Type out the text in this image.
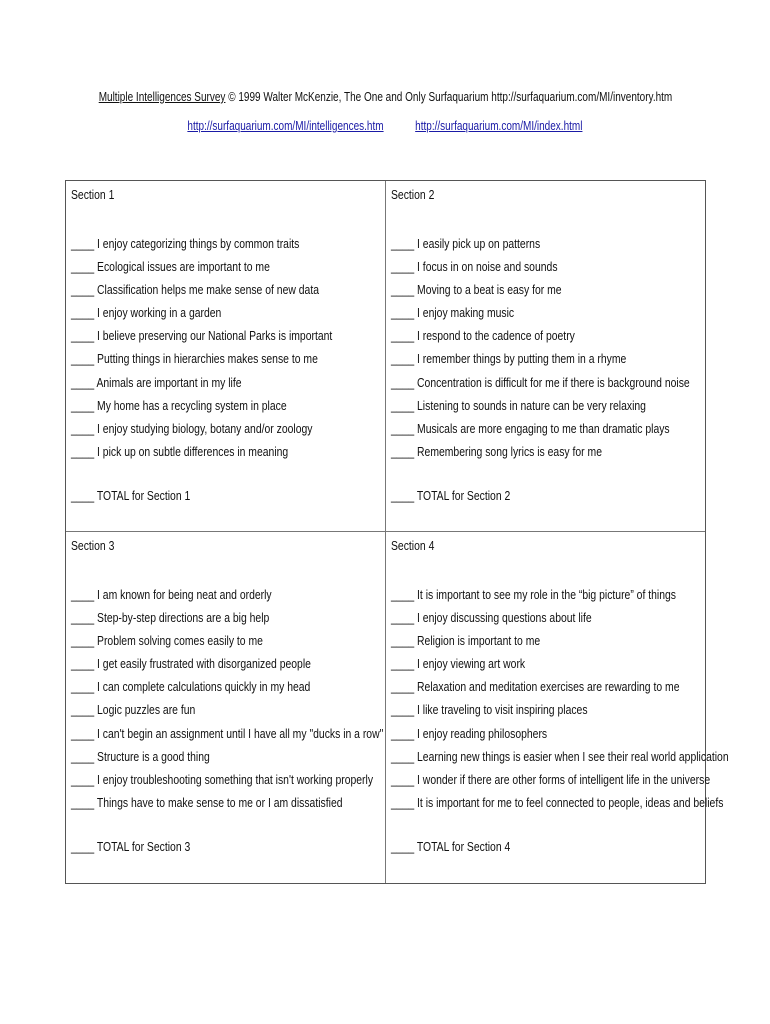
Multiple Intelligences Survey © 1999 Walter McKenzie, The One and Only Surfaquarium http://surfaquarium.com/MI/inventory.htm
http://surfaquarium.com/MI/intelligences.htm	http://surfaquarium.com/MI/index.html
Section 1
____ I enjoy categorizing things by common traits
____ Ecological issues are important to me
____ Classification helps me make sense of new data
____ I enjoy working in a garden
____ I believe preserving our National Parks is important
____ Putting things in hierarchies makes sense to me
____ Animals are important in my life
____ My home has a recycling system in place
____ I enjoy studying biology, botany and/or zoology
____ I pick up on subtle differences in meaning
____ TOTAL for Section 1
Section 2
____ I easily pick up on patterns
____ I focus in on noise and sounds
____ Moving to a beat is easy for me
____ I enjoy making music
____ I respond to the cadence of poetry
____ I remember things by putting them in a rhyme
____ Concentration is difficult for me if there is background noise
____ Listening to sounds in nature can be very relaxing
____ Musicals are more engaging to me than dramatic plays
____ Remembering song lyrics is easy for me
____ TOTAL for Section 2
Section 3
____ I am known for being neat and orderly
____ Step-by-step directions are a big help
____ Problem solving comes easily to me
____ I get easily frustrated with disorganized people
____ I can complete calculations quickly in my head
____ Logic puzzles are fun
____ I can't begin an assignment until I have all my "ducks in a row"
____ Structure is a good thing
____ I enjoy troubleshooting something that isn't working properly
____ Things have to make sense to me or I am dissatisfied
____ TOTAL for Section 3
Section 4
____ It is important to see my role in the “big picture” of things
____ I enjoy discussing questions about life
____ Religion is important to me
____ I enjoy viewing art work
____ Relaxation and meditation exercises are rewarding to me
____ I like traveling to visit inspiring places
____ I enjoy reading philosophers
____ Learning new things is easier when I see their real world application
____ I wonder if there are other forms of intelligent life in the universe
____ It is important for me to feel connected to people, ideas and beliefs
____ TOTAL for Section 4
